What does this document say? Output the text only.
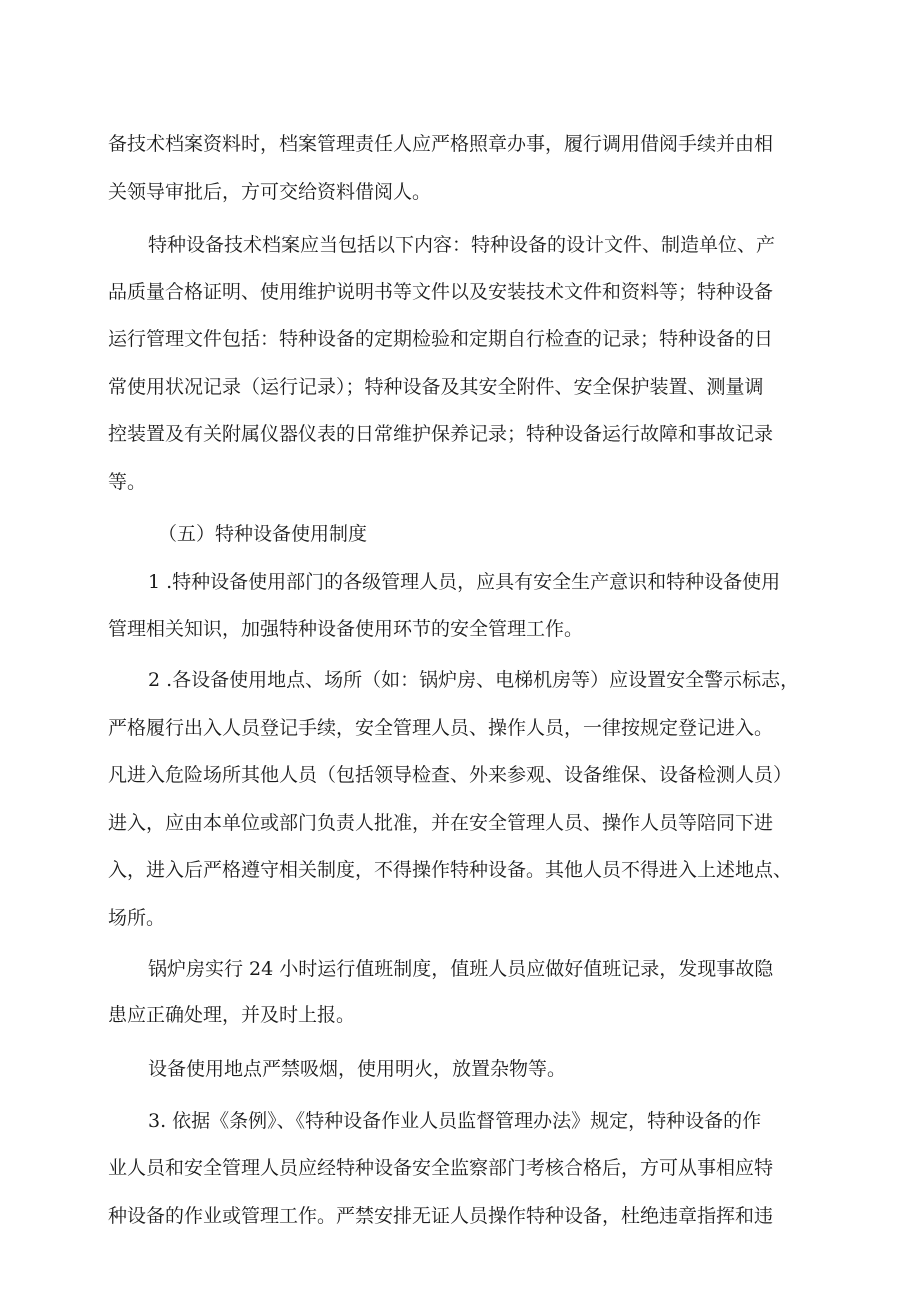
备技术档案资料时，档案管理责任人应严格照章办事，履行调用借阅手续并由相
关领导审批后，方可交给资料借阅人。
特种设备技术档案应当包括以下内容：特种设备的设计文件、制造单位、产
品质量合格证明、使用维护说明书等文件以及安装技术文件和资料等；特种设备
运行管理文件包括：特种设备的定期检验和定期自行检查的记录；特种设备的日
常使用状况记录（运行记录）；特种设备及其安全附件、安全保护装置、测量调
控装置及有关附属仪器仪表的日常维护保养记录；特种设备运行故障和事故记录
等。
（五）特种设备使用制度
1 .特种设备使用部门的各级管理人员，应具有安全生产意识和特种设备使用
管理相关知识，加强特种设备使用环节的安全管理工作。
2 .各设备使用地点、场所（如：锅炉房、电梯机房等）应设置安全警示标志，
严格履行出入人员登记手续，安全管理人员、操作人员，一律按规定登记进入。
凡进入危险场所其他人员（包括领导检查、外来参观、设备维保、设备检测人员）
进入，应由本单位或部门负责人批准，并在安全管理人员、操作人员等陪同下进
入，进入后严格遵守相关制度，不得操作特种设备。其他人员不得进入上述地点、
场所。
锅炉房实行 24 小时运行值班制度，值班人员应做好值班记录，发现事故隐
患应正确处理，并及时上报。
设备使用地点严禁吸烟，使用明火，放置杂物等。
3. 依据《条例》、《特种设备作业人员监督管理办法》规定，特种设备的作
业人员和安全管理人员应经特种设备安全监察部门考核合格后，方可从事相应特
种设备的作业或管理工作。严禁安排无证人员操作特种设备，杜绝违章指挥和违
